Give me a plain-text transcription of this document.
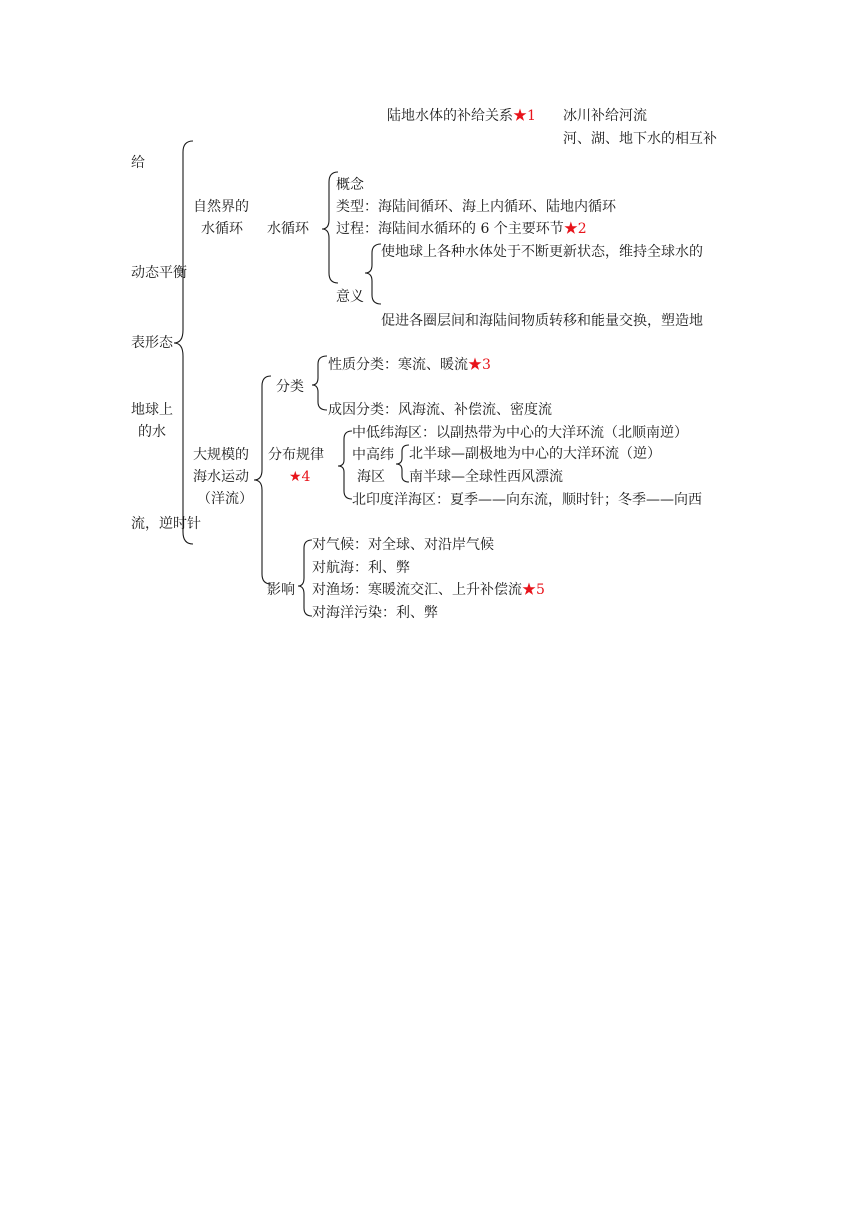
陆地水体的补给关系★1 冰川补给河流
河、湖、地下水的相互补
给
动态平衡
表形态
地球上
的水
流，逆时针
自然界的
水循环 水循环
概念
类型：海陆间循环、海上内循环、陆地内循环
过程：海陆间水循环的 6 个主要环节★2
使地球上各种水体处于不断更新状态，维持全球水的
意义
促进各圈层间和海陆间物质转移和能量交换，塑造地
大规模的
海水运动
（洋流）
分类
性质分类：寒流、暖流★3
成因分类：风海流、补偿流、密度流
分布规律
★4
中低纬海区：以副热带为中心的大洋环流（北顺南逆）
中高纬
海区
北半球—副极地为中心的大洋环流（逆）
南半球—全球性西风漂流
北印度洋海区：夏季——向东流，顺时针；冬季——向西
影响
对气候：对全球、对沿岸气候
对航海：利、弊
对渔场：寒暖流交汇、上升补偿流★5
对海洋污染：利、弊
